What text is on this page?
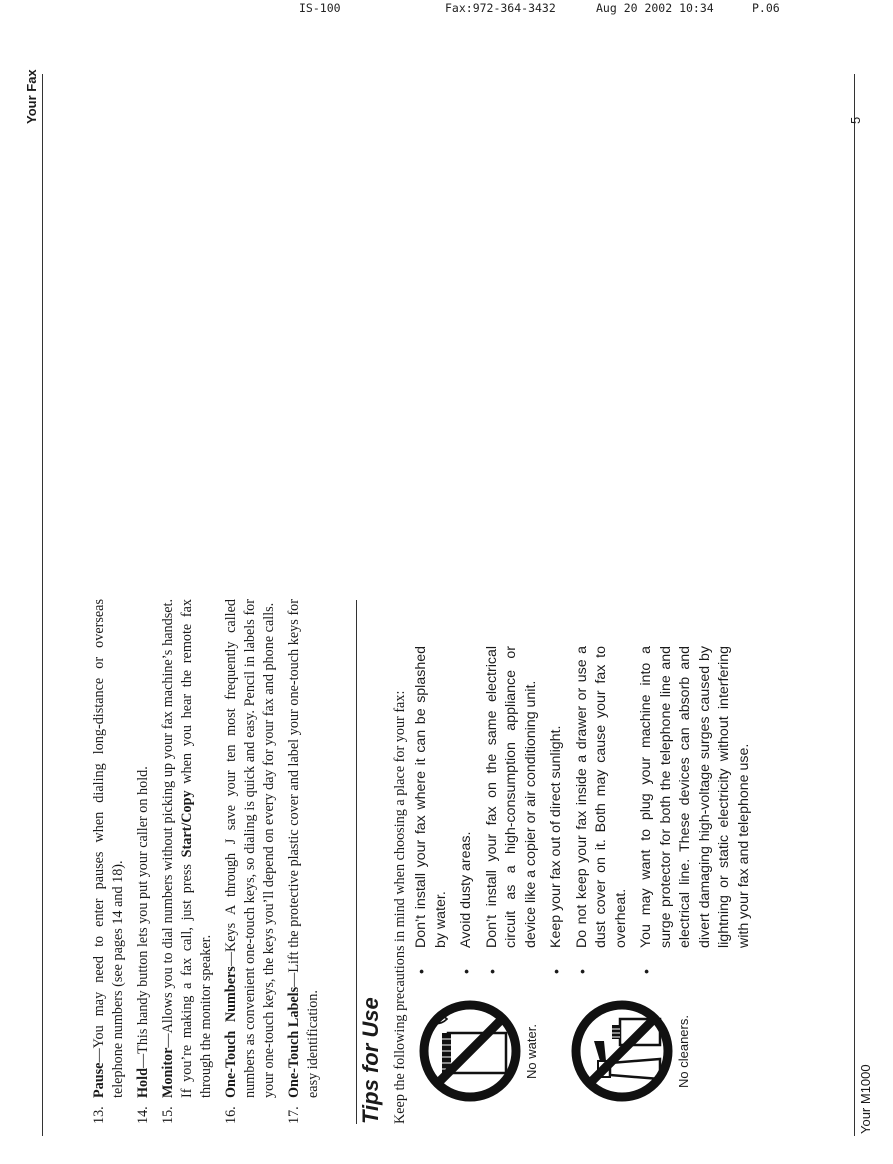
IS-100	Fax:972-364-3432	Aug 20 2002 10:34	P.06
Your Fax
13.
Pause—You may need to enter pauses when dialing long-distance or overseas telephone numbers (see pages 14 and 18).
14.
Hold—This handy button lets you put your caller on hold.
15.
Monitor—Allows you to dial numbers without picking up your fax machine’s handset. If you’re making a fax call, just press Start/Copy when you hear the remote fax through the monitor speaker.
16.
One-Touch Numbers—Keys A through J save your ten most frequently called numbers as convenient one-touch keys, so dialing is quick and easy. Pencil in labels for your one-touch keys, the keys you’ll depend on every day for your fax and phone calls.
17.
One-Touch Labels—Lift the protective plastic cover and label your one-touch keys for easy identification. Tips for Use Keep the following precautions in mind when choosing a place for your fax:	No water.	No cleaners.
•
Don’t install your fax where it can be splashed by water.
•
Avoid dusty areas.
•
Don’t install your fax on the same electrical circuit as a high-consumption appliance or device like a copier or air conditioning unit.
•
Keep your fax out of direct sunlight.
•
Do not keep your fax inside a drawer or use a dust cover on it. Both may cause your fax to overheat.
•
You may want to plug your machine into a surge protector for both the telephone line and electrical line. These devices can absorb and divert damaging high-voltage surges caused by lightning or static electricity without interfering with your fax and telephone use.
Your M1000
5
